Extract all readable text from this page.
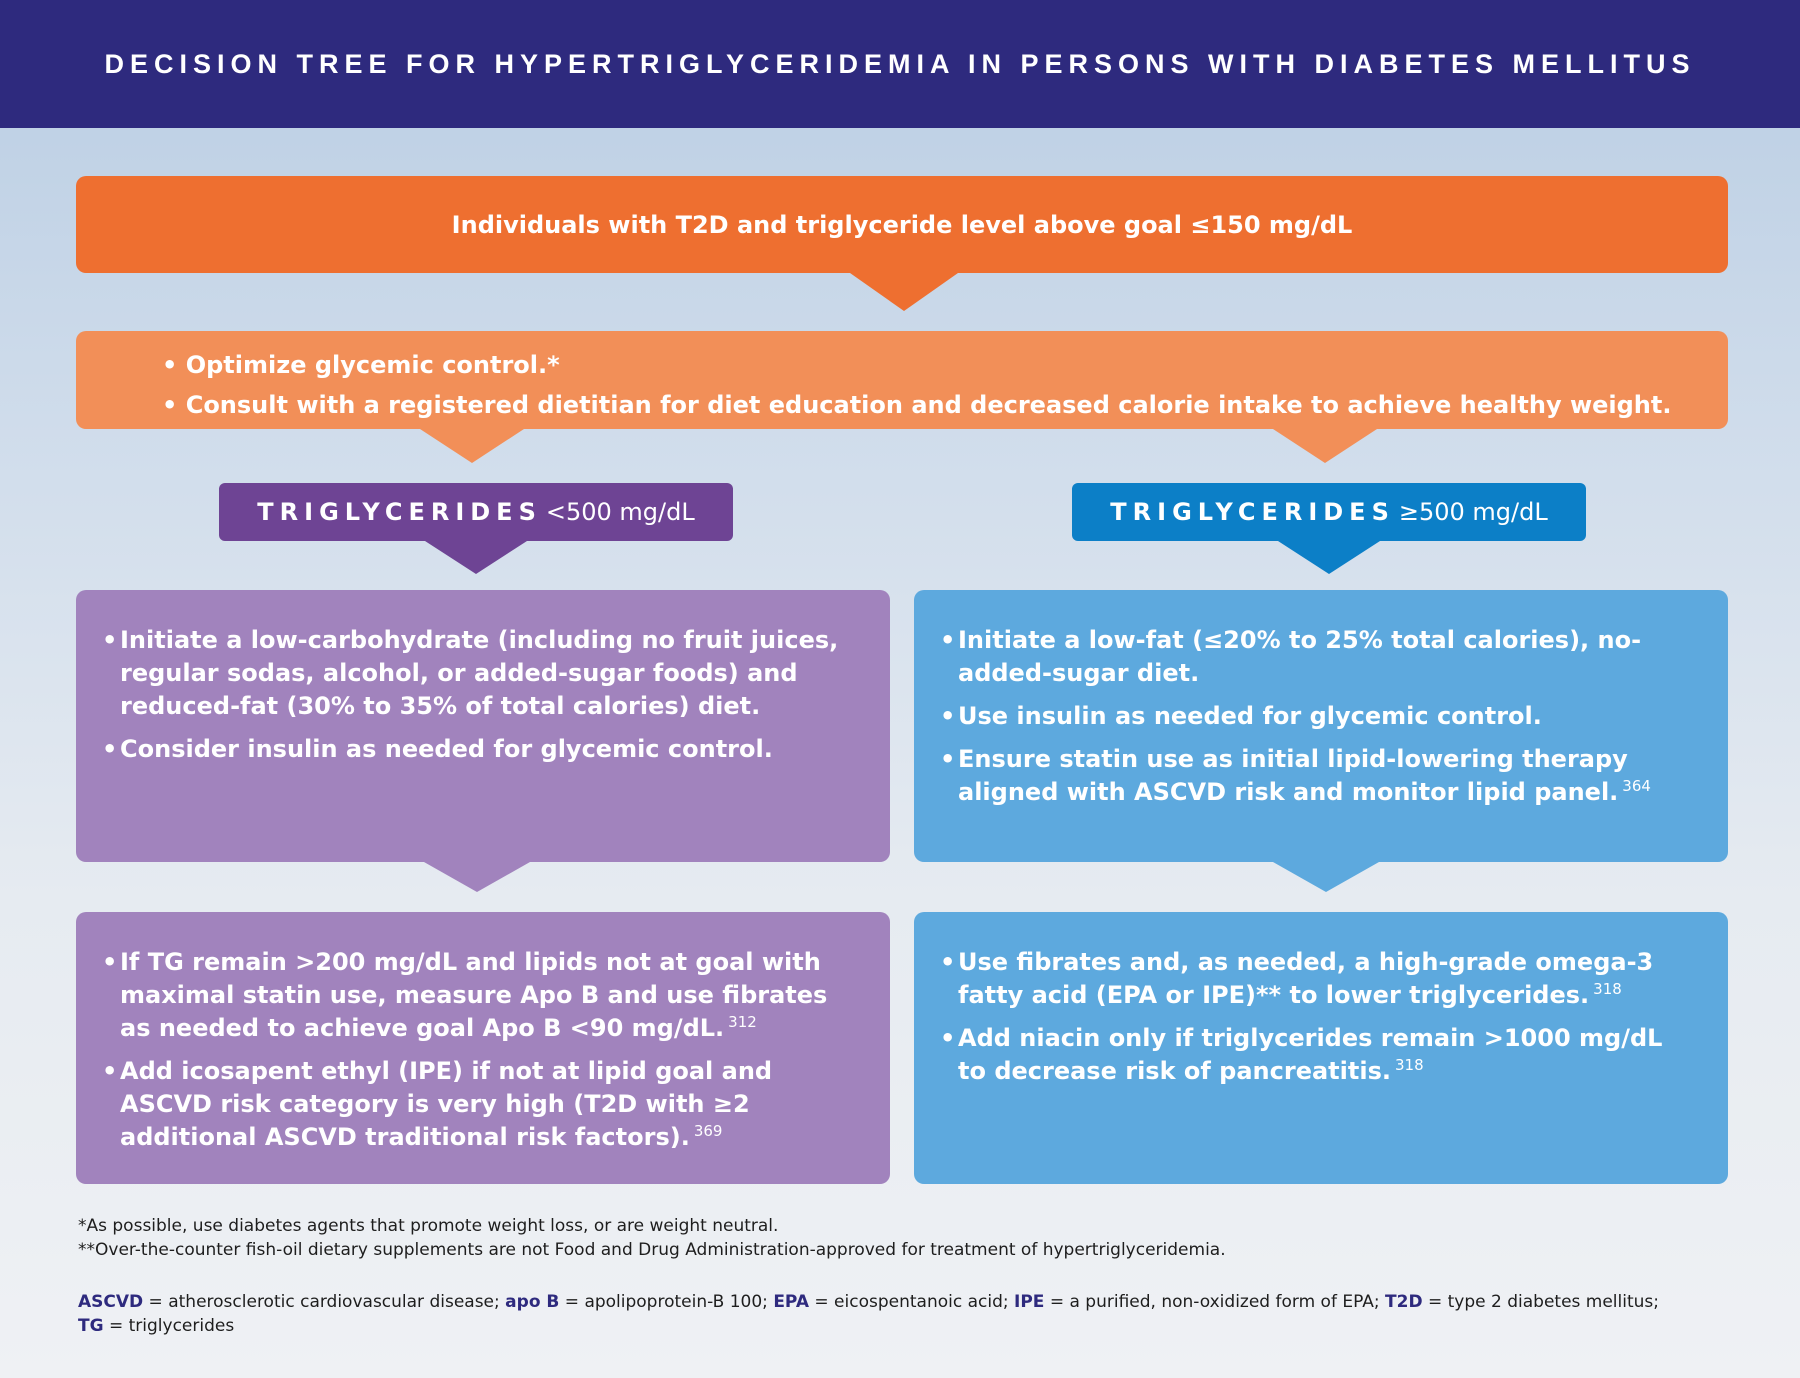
DECISION TREE FOR HYPERTRIGLYCERIDEMIA IN PERSONS WITH DIABETES MELLITUS
Individuals with T2D and triglyceride level above goal ≤150 mg/dL
• Optimize glycemic control.*
• Consult with a registered dietitian for diet education and decreased calorie intake to achieve healthy weight.
TRIGLYCERIDES <500 mg/dL	TRIGLYCERIDES ≥500 mg/dL
• Initiate a low-carbohydrate (including no fruit juices, regular sodas, alcohol, or added-sugar foods) and reduced-fat (30% to 35% of total calories) diet.
• Consider insulin as needed for glycemic control.
• Initiate a low-fat (≤20% to 25% total calories), no-added-sugar diet.
• Use insulin as needed for glycemic control.
• Ensure statin use as initial lipid-lowering therapy aligned with ASCVD risk and monitor lipid panel. $^{364}$
• If TG remain >200 mg/dL and lipids not at goal with maximal statin use, measure Apo B and use fibrates as needed to achieve goal Apo B <90 mg/dL. $^{312}$
• Add icosapent ethyl (IPE) if not at lipid goal and ASCVD risk category is very high (T2D with ≥2 additional ASCVD traditional risk factors). $^{369}$
• Use fibrates and, as needed, a high-grade omega-3 fatty acid (EPA or IPE)** to lower triglycerides. $^{318}$
• Add niacin only if triglycerides remain >1000 mg/dL to decrease risk of pancreatitis. $^{318}$

*As possible, use diabetes agents that promote weight loss, or are weight neutral.

**Over-the-counter fish-oil dietary supplements are not Food and Drug Administration-approved for treatment of hypertriglyceridemia.

ASCVD = atherosclerotic cardiovascular disease; apo B = apolipoprotein-B 100; EPA = eicospentanoic acid; IPE = a purified, non-oxidized form of EPA; T2D = type 2 diabetes mellitus;
TG = triglycerides
